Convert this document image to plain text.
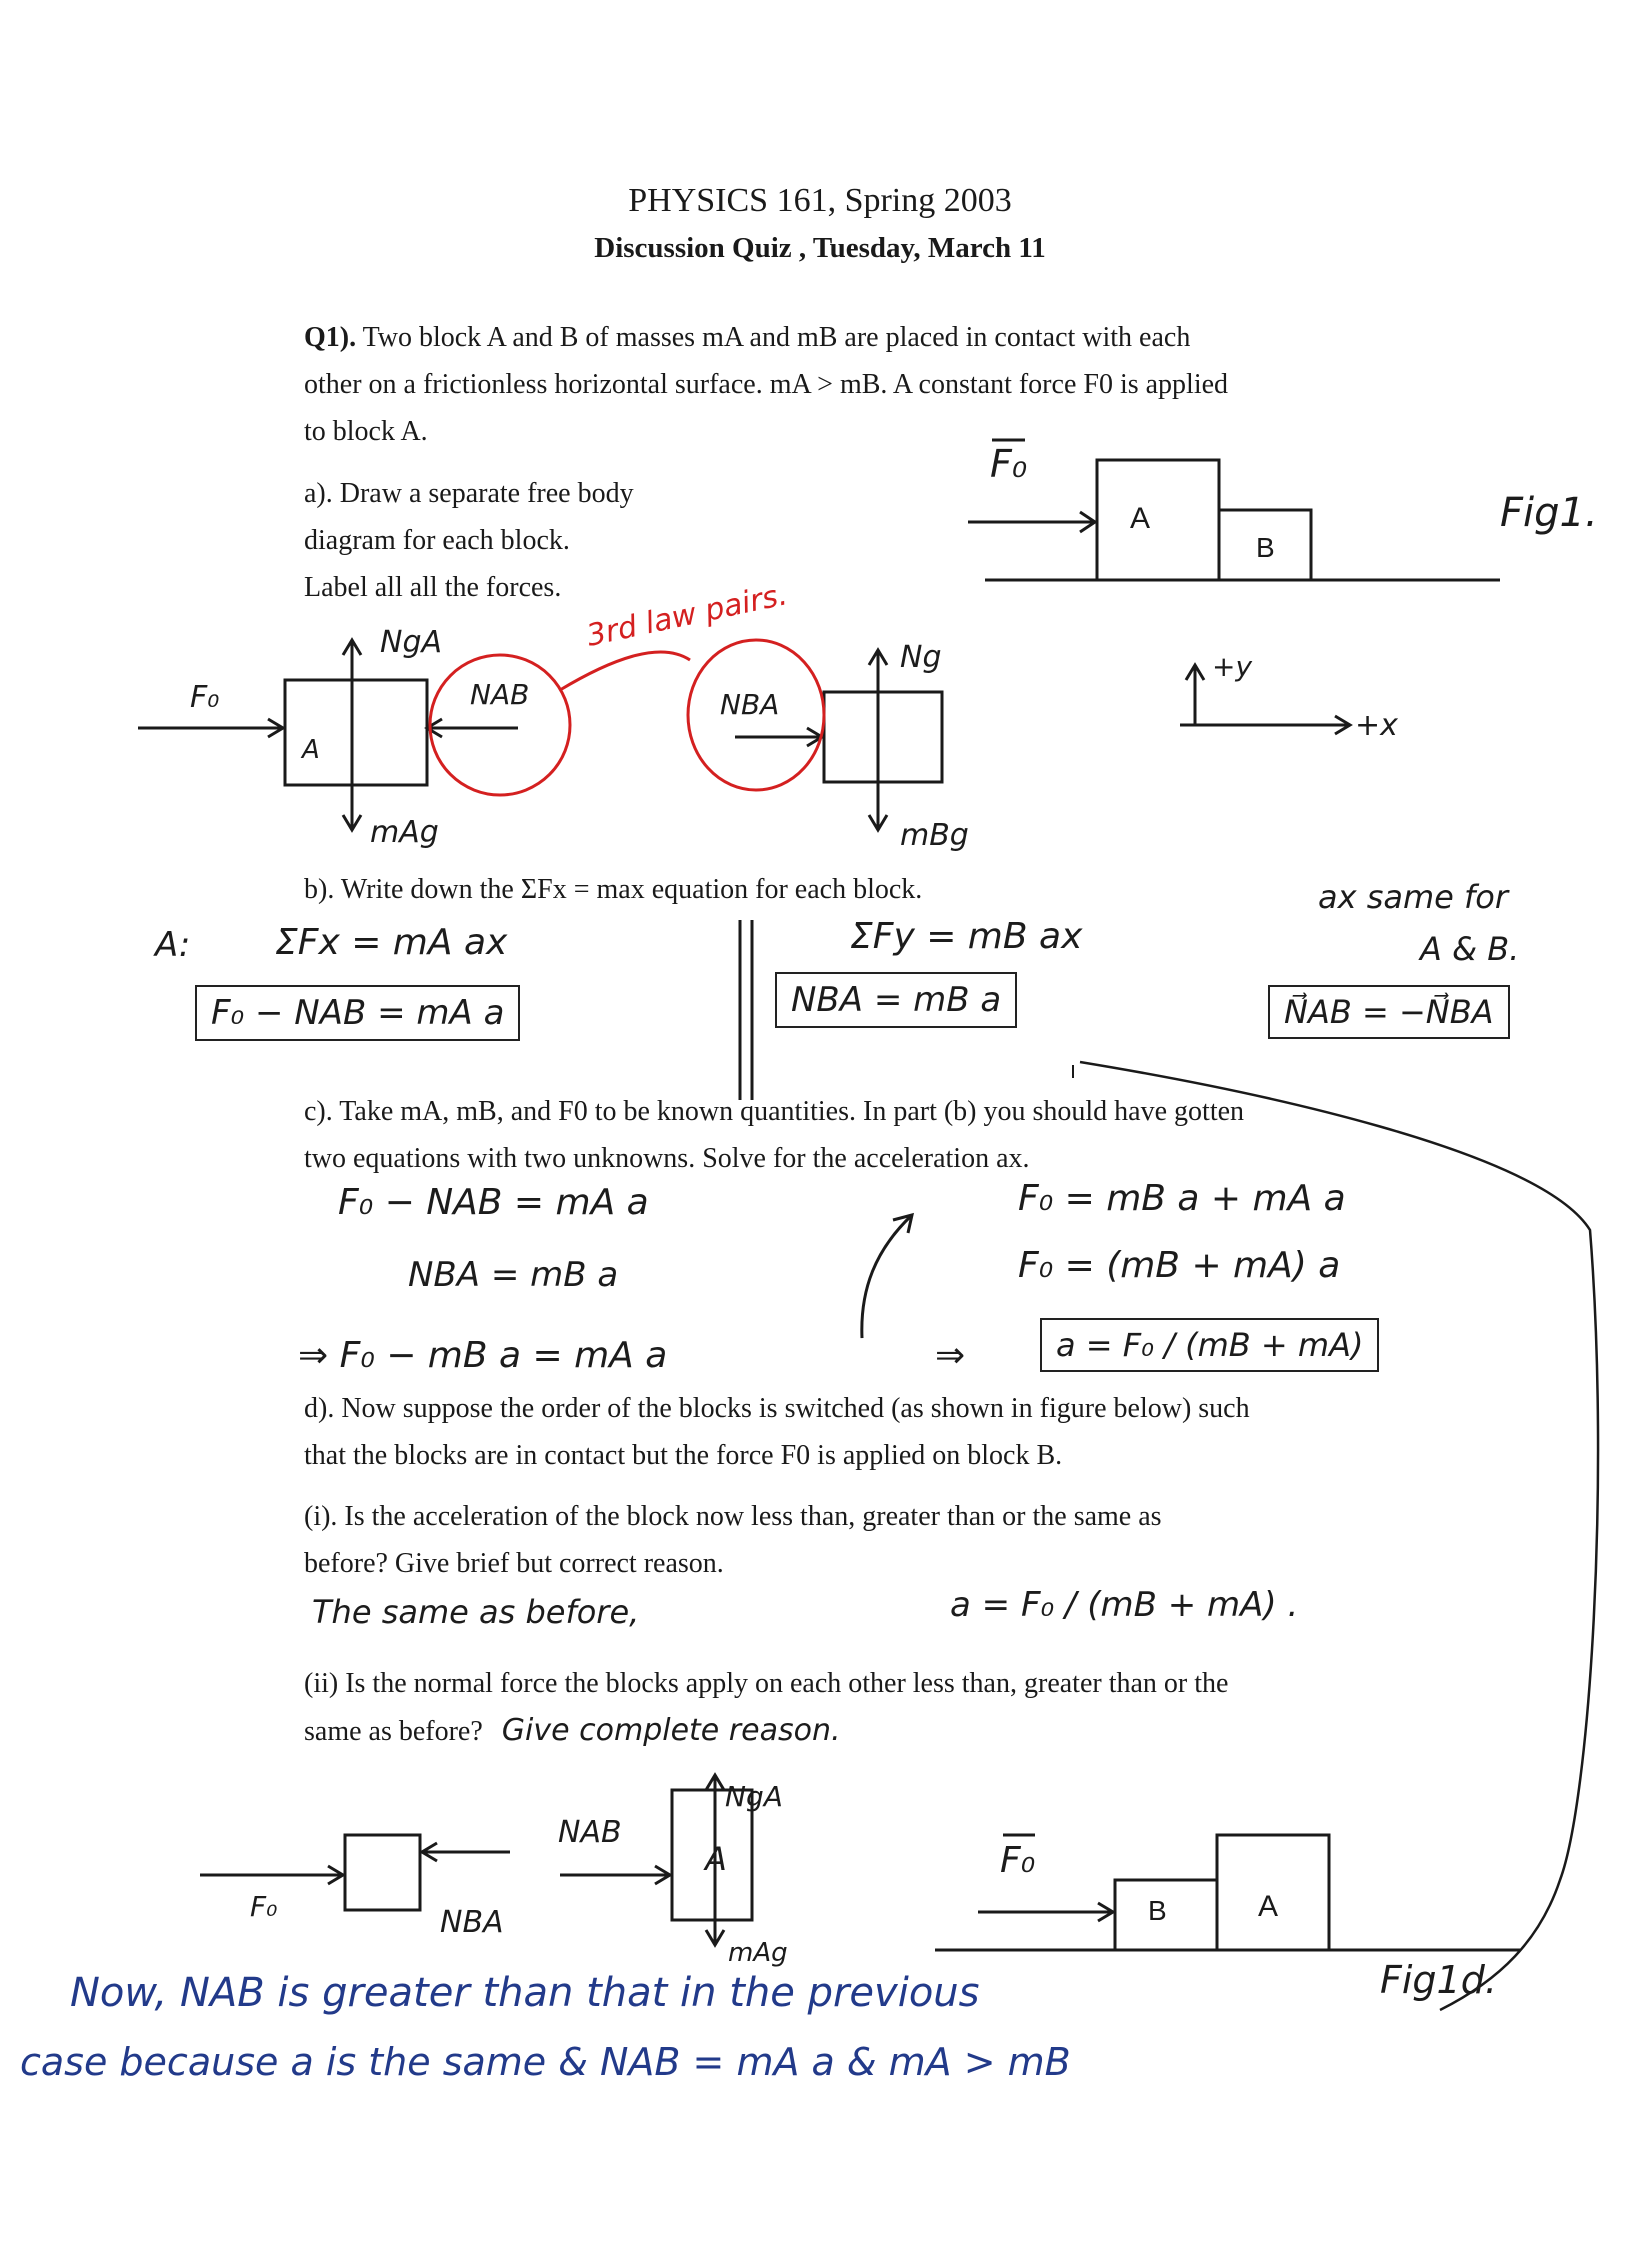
PHYSICS 161, Spring 2003
Discussion Quiz , Tuesday, March 11
Q1). Two block A and B of masses mA and mB are placed in contact with each
other on a frictionless horizontal surface. mA > mB. A constant force F0 is applied
to block A.
a). Draw a separate free body
diagram for each block.
Label all all the forces.
F₀
A
B
Fig1.
F₀
A
NgA
NAB	NBA
Ng
mAg	mBg
3rd law pairs.
+y
+x
b). Write down the ΣFx = max equation for each block.
A: ΣFx = mA ax
F₀ − NAB = mA a
ΣFy = mB ax
NBA = mB a
ax same for
A & B.
N⃗AB = −N⃗BA
c). Take mA, mB, and F0 to be known quantities. In part (b) you should have gotten
two equations with two unknowns. Solve for the acceleration ax.
F₀ − NAB = mA a
NBA = mB a
⇒ F₀ − mB a = mA a
F₀ = mB a + mA a
F₀ = (mB + mA) a
⇒	a = F₀ / (mB + mA)
d). Now suppose the order of the blocks is switched (as shown in figure below) such
that the blocks are in contact but the force F0 is applied on block B.
(i). Is the acceleration of the block now less than, greater than or the same as
before? Give brief but correct reason.
The same as before,	a = F₀ / (mB + mA) .
(ii) Is the normal force the blocks apply on each other less than, greater than or the
same as before? Give complete reason.
F₀	NBA
NAB
A
NgA
mAg
F₀
B	A
Fig1d.
Now, NAB is greater than that in the previous
case because a is the same & NAB = mA a & mA > mB
